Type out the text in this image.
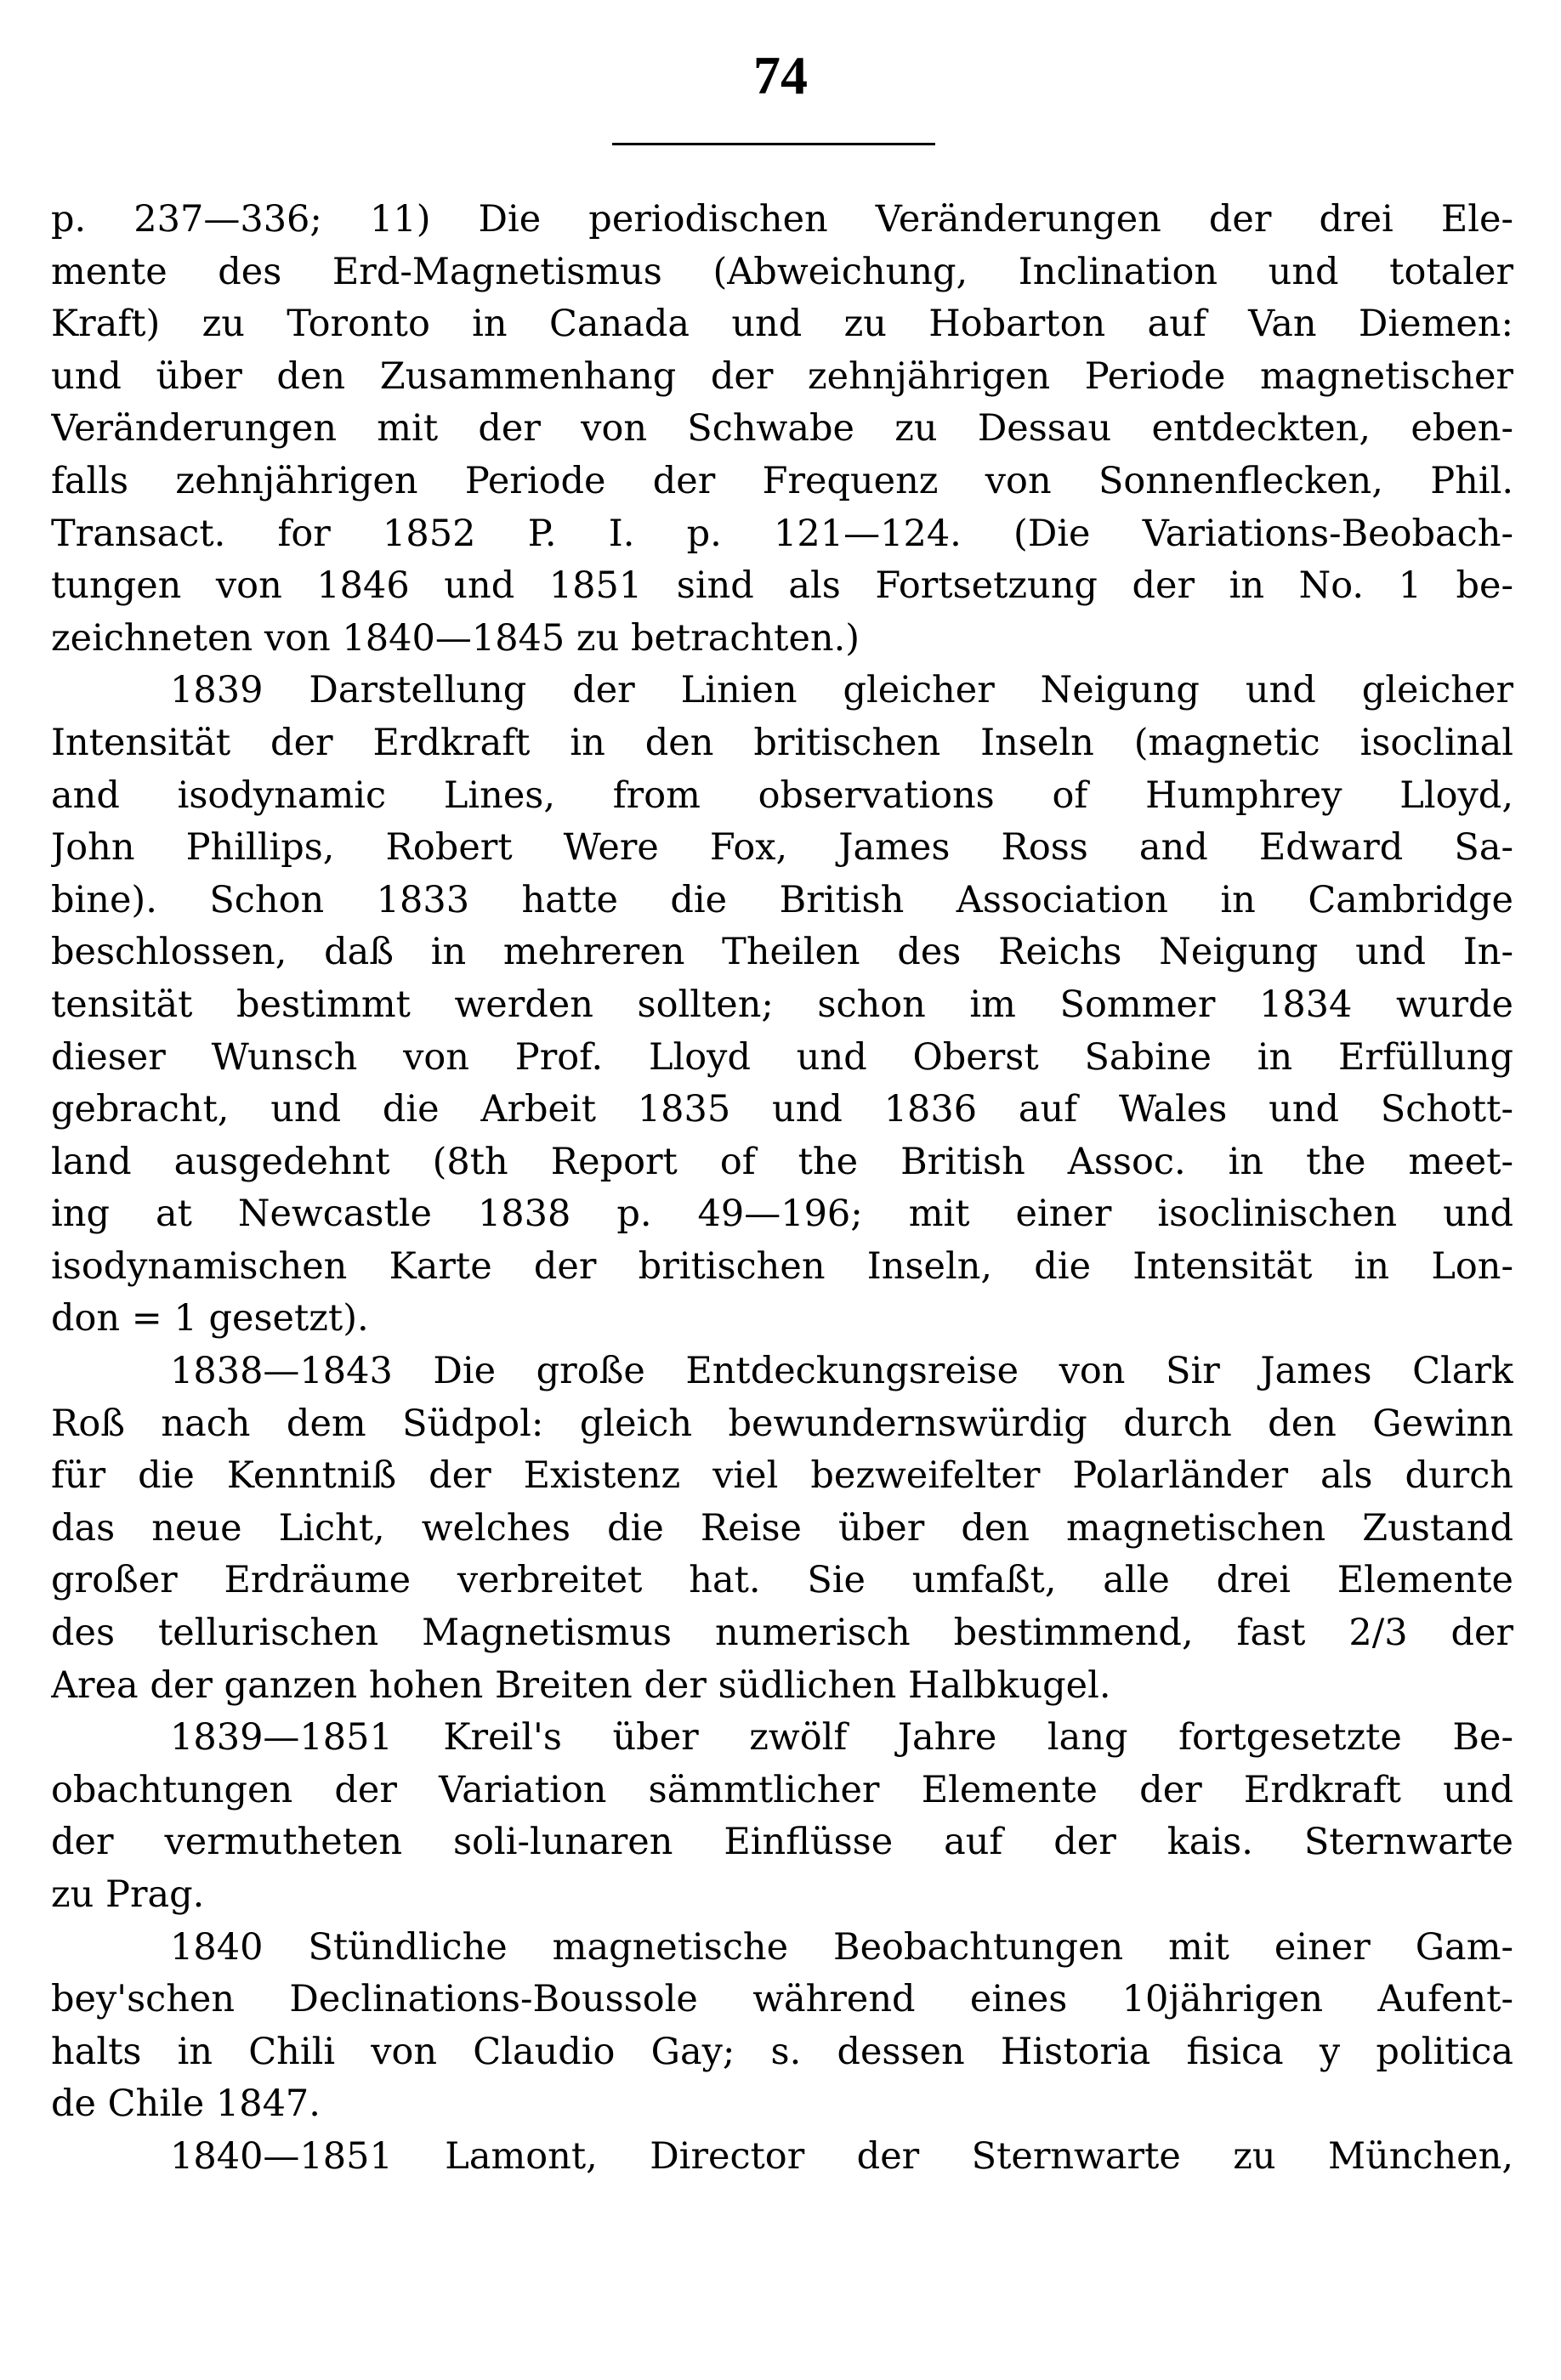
74
p. 237—336; 11) Die periodischen Veränderungen der drei Ele-
mente des Erd-Magnetismus (Abweichung, Inclination und totaler
Kraft) zu Toronto in Canada und zu Hobarton auf Van Diemen:
und über den Zusammenhang der zehnjährigen Periode magnetischer
Veränderungen mit der von Schwabe zu Dessau entdeckten, eben-
falls zehnjährigen Periode der Frequenz von Sonnenflecken, Phil.
Transact. for 1852 P. I. p. 121—124. (Die Variations-Beobach-
tungen von 1846 und 1851 sind als Fortsetzung der in No. 1 be-
zeichneten von 1840—1845 zu betrachten.)
1839 Darstellung der Linien gleicher Neigung und gleicher
Intensität der Erdkraft in den britischen Inseln (magnetic isoclinal
and isodynamic Lines, from observations of Humphrey Lloyd,
John Phillips, Robert Were Fox, James Ross and Edward Sa-
bine). Schon 1833 hatte die British Association in Cambridge
beschlossen, daß in mehreren Theilen des Reichs Neigung und In-
tensität bestimmt werden sollten; schon im Sommer 1834 wurde
dieser Wunsch von Prof. Lloyd und Oberst Sabine in Erfüllung
gebracht, und die Arbeit 1835 und 1836 auf Wales und Schott-
land ausgedehnt (8th Report of the British Assoc. in the meet-
ing at Newcastle 1838 p. 49—196; mit einer isoclinischen und
isodynamischen Karte der britischen Inseln, die Intensität in Lon-
don = 1 gesetzt).
1838—1843 Die große Entdeckungsreise von Sir James Clark
Roß nach dem Südpol: gleich bewundernswürdig durch den Gewinn
für die Kenntniß der Existenz viel bezweifelter Polarländer als durch
das neue Licht, welches die Reise über den magnetischen Zustand
großer Erdräume verbreitet hat. Sie umfaßt, alle drei Elemente
des tellurischen Magnetismus numerisch bestimmend, fast 2/3 der
Area der ganzen hohen Breiten der südlichen Halbkugel.
1839—1851 Kreil's über zwölf Jahre lang fortgesetzte Be-
obachtungen der Variation sämmtlicher Elemente der Erdkraft und
der vermutheten soli-lunaren Einflüsse auf der kais. Sternwarte
zu Prag.
1840 Stündliche magnetische Beobachtungen mit einer Gam-
bey'schen Declinations-Boussole während eines 10jährigen Aufent-
halts in Chili von Claudio Gay; s. dessen Historia fisica y politica
de Chile 1847.
1840—1851 Lamont, Director der Sternwarte zu München,
